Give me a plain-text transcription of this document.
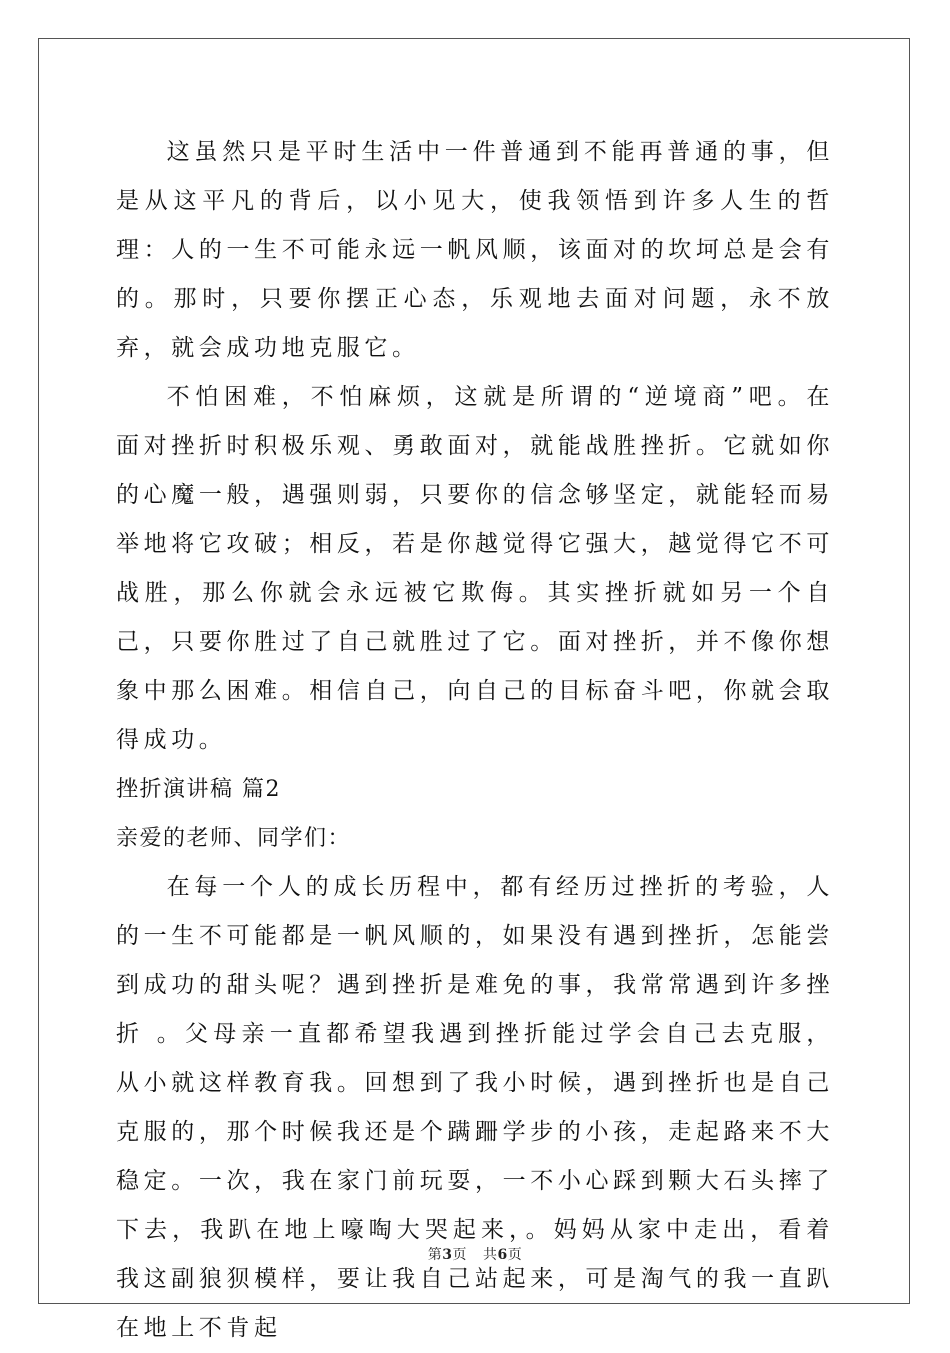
这虽然只是平时生活中一件普通到不能再普通的事，但是从这平凡的背后，以小见大，使我领悟到许多人生的哲理：人的一生不可能永远一帆风顺，该面对的坎坷总是会有的。那时，只要你摆正心态，乐观地去面对问题，永不放弃，就会成功地克服它。

不怕困难，不怕麻烦，这就是所谓的“逆境商”吧。在面对挫折时积极乐观、勇敢面对，就能战胜挫折。它就如你的心魔一般，遇强则弱，只要你的信念够坚定，就能轻而易举地将它攻破；相反，若是你越觉得它强大，越觉得它不可战胜，那么你就会永远被它欺侮。其实挫折就如另一个自己，只要你胜过了自己就胜过了它。面对挫折，并不像你想象中那么困难。相信自己，向自己的目标奋斗吧，你就会取得成功。

挫折演讲稿 篇2

亲爱的老师、同学们：

在每一个人的成长历程中，都有经历过挫折的考验，人的一生不可能都是一帆风顺的，如果没有遇到挫折，怎能尝到成功的甜头呢？遇到挫折是难免的事，我常常遇到许多挫折 。父母亲一直都希望我遇到挫折能过学会自己去克服，从小就这样教育我。回想到了我小时候，遇到挫折也是自己克服的，那个时候我还是个蹒跚学步的小孩，走起路来不大稳定。一次，我在家门前玩耍，一不小心踩到颗大石头摔了下去，我趴在地上嚎啕大哭起来，。妈妈从家中走出，看着我这副狼狈模样，要让我自己站起来，可是淘气的我一直趴在地上不肯起

第3页 共6页
